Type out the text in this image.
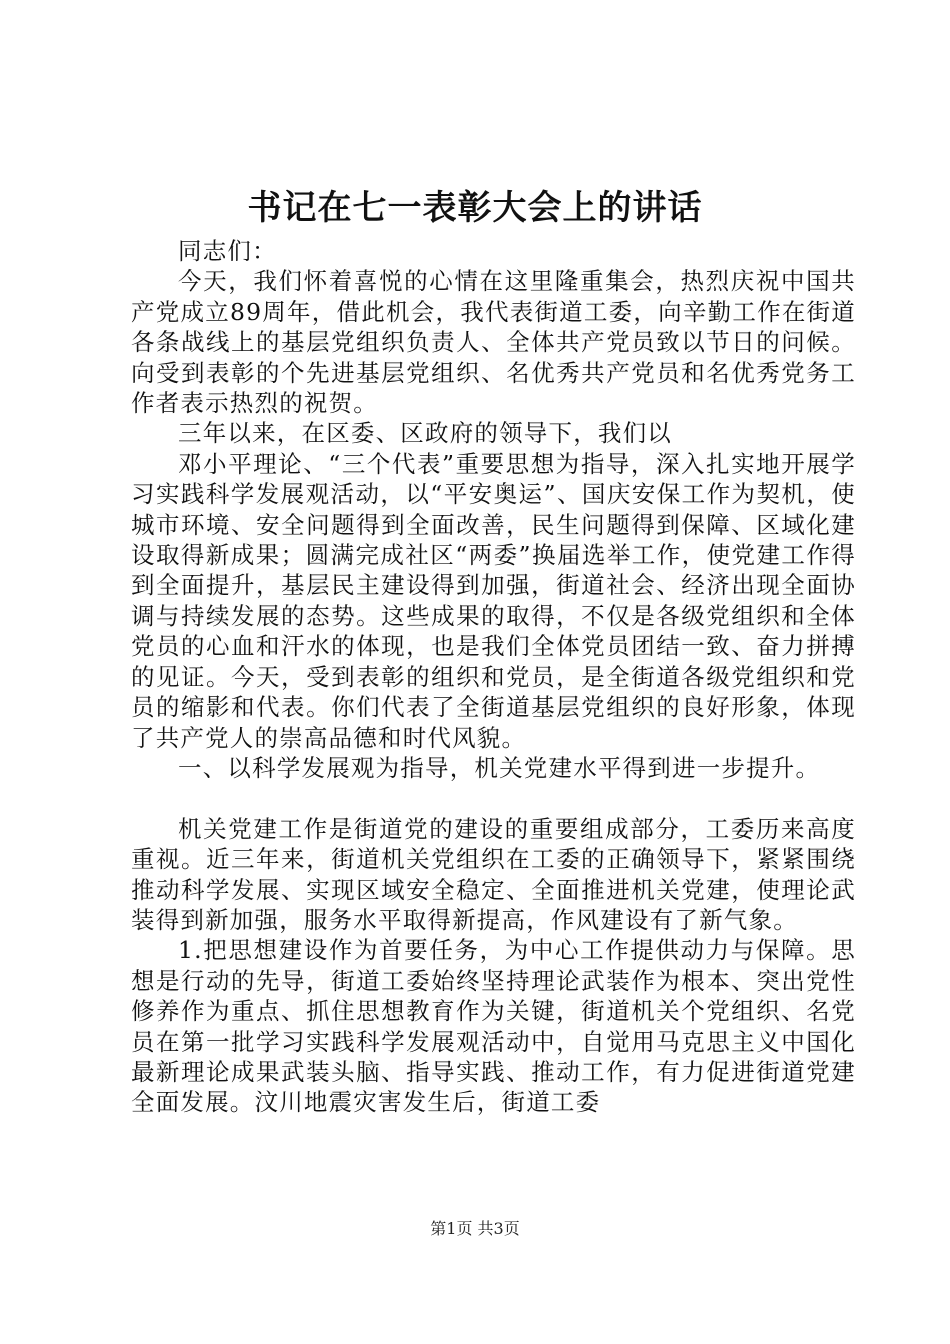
书记在七一表彰大会上的讲话

同志们：

今天，我们怀着喜悦的心情在这里隆重集会，热烈庆祝中国共产党成立89周年，借此机会，我代表街道工委，向辛勤工作在街道各条战线上的基层党组织负责人、全体共产党员致以节日的问候。向受到表彰的个先进基层党组织、名优秀共产党员和名优秀党务工作者表示热烈的祝贺。

三年以来，在区委、区政府的领导下，我们以

邓小平理论、“三个代表”重要思想为指导，深入扎实地开展学习实践科学发展观活动，以“平安奥运”、国庆安保工作为契机，使城市环境、安全问题得到全面改善，民生问题得到保障、区域化建设取得新成果；圆满完成社区“两委”换届选举工作，使党建工作得到全面提升，基层民主建设得到加强，街道社会、经济出现全面协调与持续发展的态势。这些成果的取得，不仅是各级党组织和全体党员的心血和汗水的体现，也是我们全体党员团结一致、奋力拼搏的见证。今天，受到表彰的组织和党员，是全街道各级党组织和党员的缩影和代表。你们代表了全街道基层党组织的良好形象，体现了共产党人的崇高品德和时代风貌。

一、以科学发展观为指导，机关党建水平得到进一步提升。

机关党建工作是街道党的建设的重要组成部分，工委历来高度重视。近三年来，街道机关党组织在工委的正确领导下，紧紧围绕推动科学发展、实现区域安全稳定、全面推进机关党建，使理论武装得到新加强，服务水平取得新提高，作风建设有了新气象。

1.把思想建设作为首要任务，为中心工作提供动力与保障。思想是行动的先导，街道工委始终坚持理论武装作为根本、突出党性修养作为重点、抓住思想教育作为关键，街道机关个党组织、名党员在第一批学习实践科学发展观活动中，自觉用马克思主义中国化最新理论成果武装头脑、指导实践、推动工作，有力促进街道党建全面发展。汶川地震灾害发生后，街道工委

第1页 共3页
